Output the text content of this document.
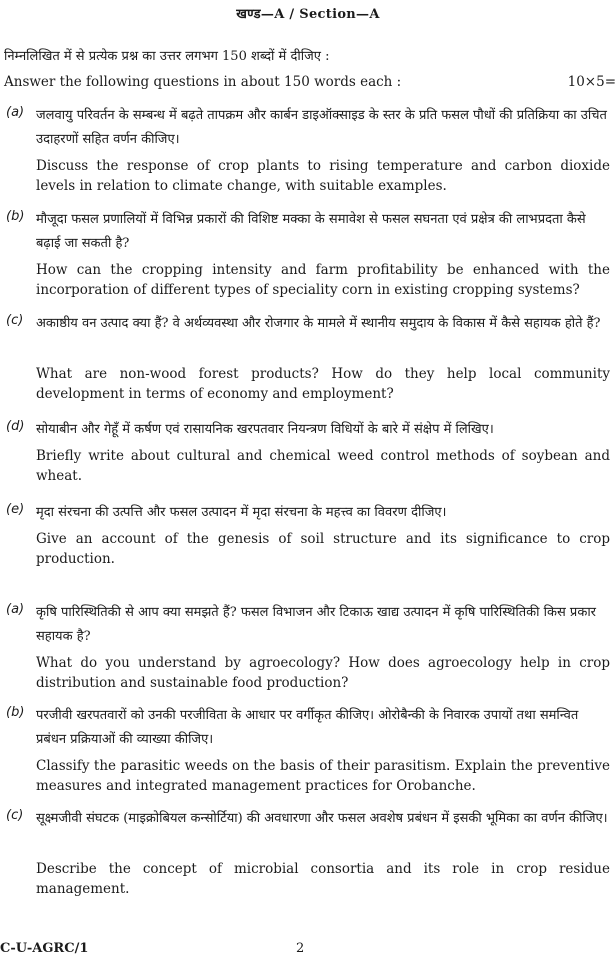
खण्ड—A / Section—A
निम्नलिखित में से प्रत्येक प्रश्न का उत्तर लगभग 150 शब्दों में दीजिए :
Answer the following questions in about 150 words each :	10×5=
(a) जलवायु परिवर्तन के सम्बन्ध में बढ़ते तापक्रम और कार्बन डाइऑक्साइड के स्तर के प्रति फसल पौधों की प्रतिक्रिया का उचित उदाहरणों सहित वर्णन कीजिए।
Discuss the response of crop plants to rising temperature and carbon dioxide levels in relation to climate change, with suitable examples.
(b) मौजूदा फसल प्रणालियों में विभिन्न प्रकारों की विशिष्ट मक्का के समावेश से फसल सघनता एवं प्रक्षेत्र की लाभप्रदता कैसे बढ़ाई जा सकती है?
How can the cropping intensity and farm profitability be enhanced with the incorporation of different types of speciality corn in existing cropping systems?
(c) अकाष्ठीय वन उत्पाद क्या हैं? वे अर्थव्यवस्था और रोजगार के मामले में स्थानीय समुदाय के विकास में कैसे सहायक होते हैं?
What are non-wood forest products? How do they help local community development in terms of economy and employment?
(d) सोयाबीन और गेहूँ में कर्षण एवं रासायनिक खरपतवार नियन्त्रण विधियों के बारे में संक्षेप में लिखिए।
Briefly write about cultural and chemical weed control methods of soybean and wheat.
(e) मृदा संरचना की उत्पत्ति और फसल उत्पादन में मृदा संरचना के महत्त्व का विवरण दीजिए।
Give an account of the genesis of soil structure and its significance to crop production.
(a) कृषि पारिस्थितिकी से आप क्या समझते हैं? फसल विभाजन और टिकाऊ खाद्य उत्पादन में कृषि पारिस्थितिकी किस प्रकार सहायक है?
What do you understand by agroecology? How does agroecology help in crop distribution and sustainable food production?
(b) परजीवी खरपतवारों को उनकी परजीविता के आधार पर वर्गीकृत कीजिए। ओरोबैन्की के निवारक उपायों तथा समन्वित प्रबंधन प्रक्रियाओं की व्याख्या कीजिए।
Classify the parasitic weeds on the basis of their parasitism. Explain the preventive measures and integrated management practices for Orobanche.
(c) सूक्ष्मजीवी संघटक (माइक्रोबियल कन्सोर्टिया) की अवधारणा और फसल अवशेष प्रबंधन में इसकी भूमिका का वर्णन कीजिए।
Describe the concept of microbial consortia and its role in crop residue management.
C-U-AGRC/1	2
